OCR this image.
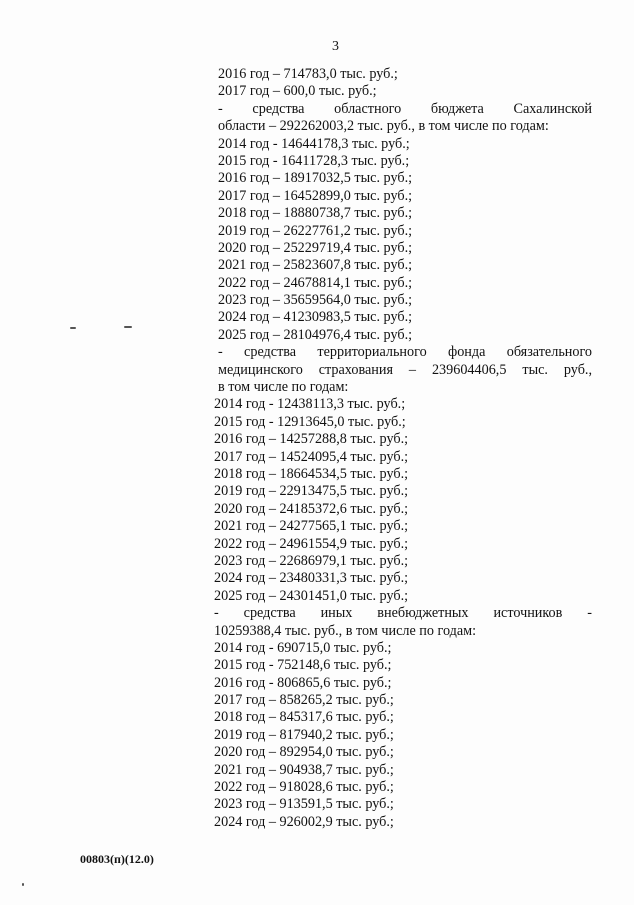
3
2016 год – 714783,0 тыс. руб.;
2017 год – 600,0 тыс. руб.;
- средства областного бюджета Сахалинской
области – 292262003,2 тыс. руб., в том числе по годам:
2014 год - 14644178,3 тыс. руб.;
2015 год - 16411728,3 тыс. руб.;
2016 год – 18917032,5 тыс. руб.;
2017 год – 16452899,0 тыс. руб.;
2018 год – 18880738,7 тыс. руб.;
2019 год – 26227761,2 тыс. руб.;
2020 год – 25229719,4 тыс. руб.;
2021 год – 25823607,8 тыс. руб.;
2022 год – 24678814,1 тыс. руб.;
2023 год – 35659564,0 тыс. руб.;
2024 год – 41230983,5 тыс. руб.;
2025 год – 28104976,4 тыс. руб.;
- средства территориального фонда обязательного
медицинского страхования – 239604406,5 тыс. руб.,
в том числе по годам:
2014 год - 12438113,3 тыс. руб.;
2015 год - 12913645,0 тыс. руб.;
2016 год – 14257288,8 тыс. руб.;
2017 год – 14524095,4 тыс. руб.;
2018 год – 18664534,5 тыс. руб.;
2019 год – 22913475,5 тыс. руб.;
2020 год – 24185372,6 тыс. руб.;
2021 год – 24277565,1 тыс. руб.;
2022 год – 24961554,9 тыс. руб.;
2023 год – 22686979,1 тыс. руб.;
2024 год – 23480331,3 тыс. руб.;
2025 год – 24301451,0 тыс. руб.;
- средства иных внебюджетных источников -
10259388,4 тыс. руб., в том числе по годам:
2014 год - 690715,0 тыс. руб.;
2015 год - 752148,6 тыс. руб.;
2016 год - 806865,6 тыс. руб.;
2017 год – 858265,2 тыс. руб.;
2018 год – 845317,6 тыс. руб.;
2019 год – 817940,2 тыс. руб.;
2020 год – 892954,0 тыс. руб.;
2021 год – 904938,7 тыс. руб.;
2022 год – 918028,6 тыс. руб.;
2023 год – 913591,5 тыс. руб.;
2024 год – 926002,9 тыс. руб.;
00803(п)(12.0)
